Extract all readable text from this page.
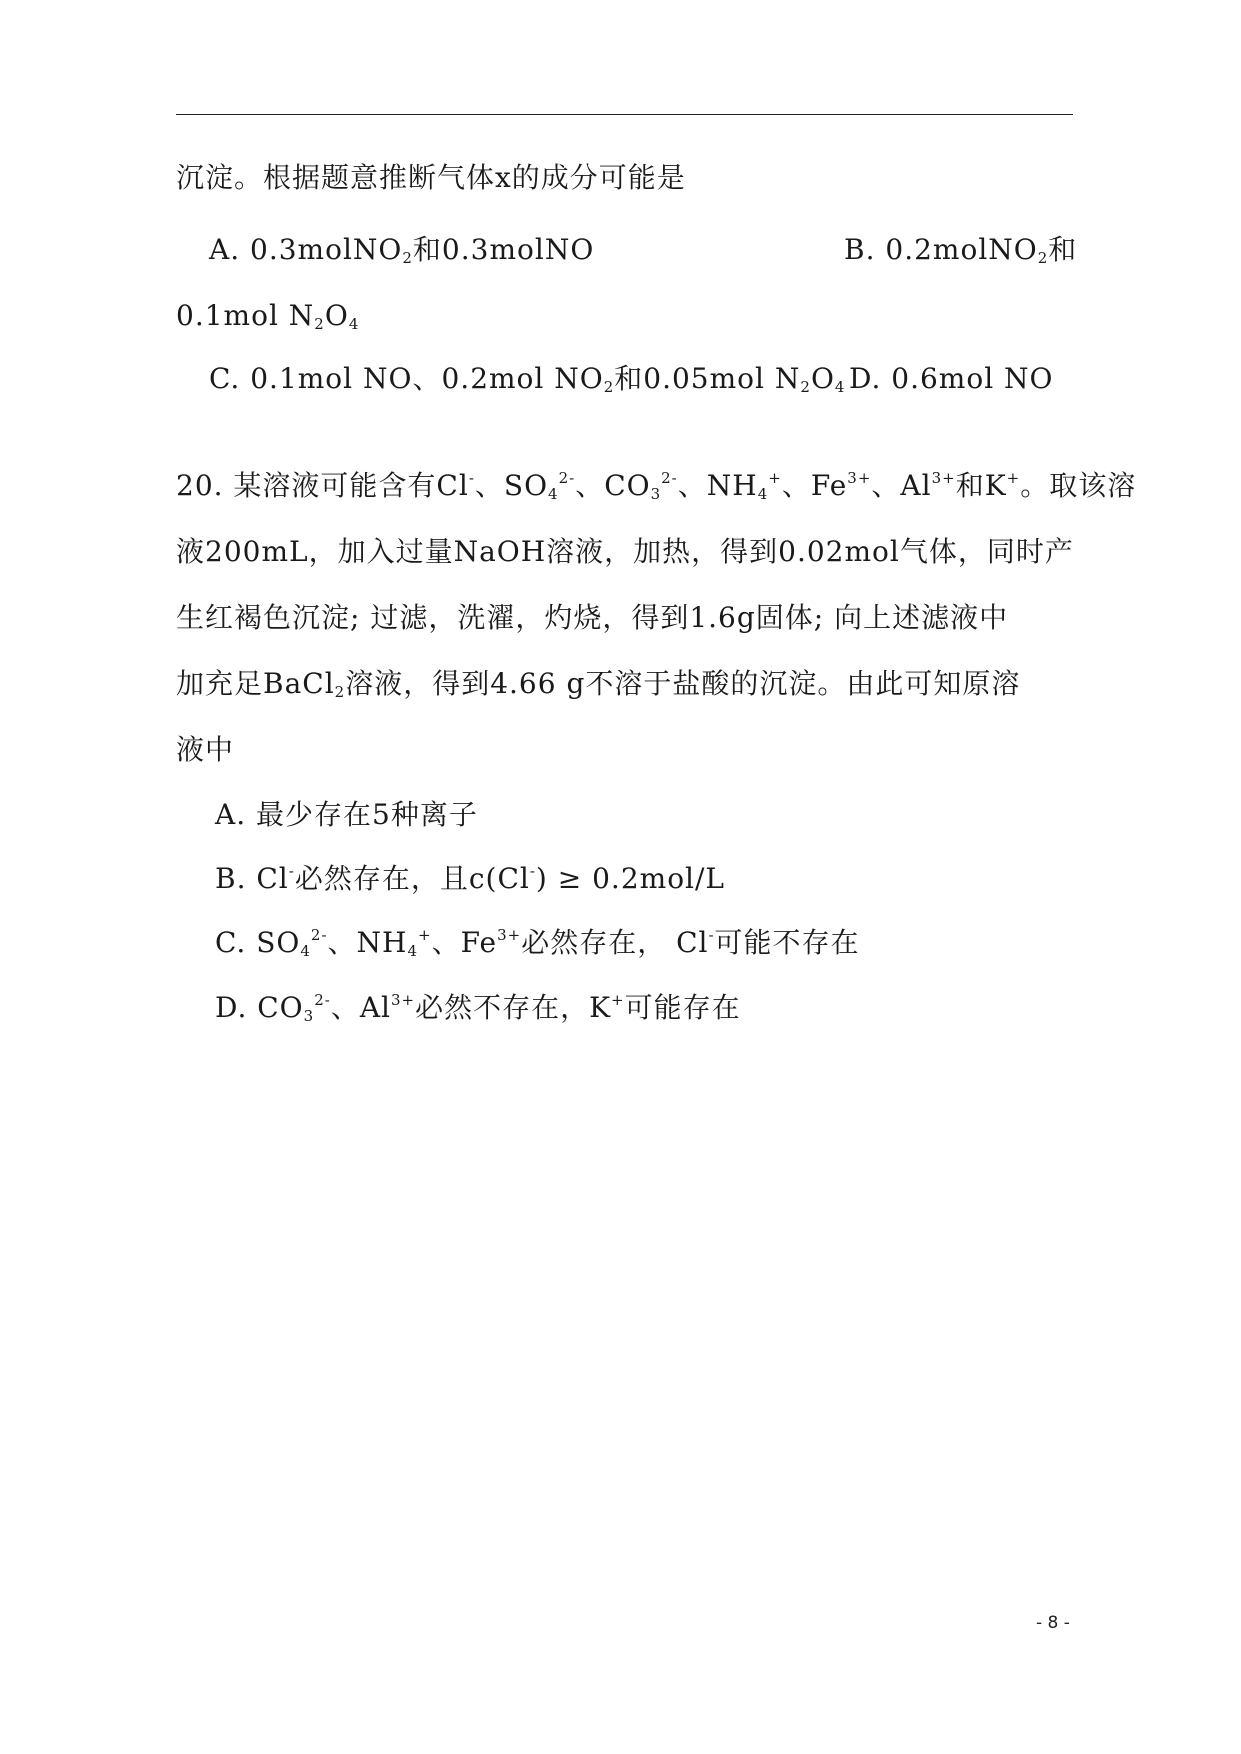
沉淀。根据题意推断气体x的成分可能是
A. 0.3molNO$_2$和0.3molNO	B. 0.2molNO$_2$和
0.1mol $N_2O_4$
C. 0.1mol NO、0.2mol $NO_2$和0.05mol $N_2O_4$ D. 0.6mol NO
20. 某溶液可能含有Cl-、$SO_4^{2-}$、$CO_3^{2-}$、$NH_4^+$、$Fe^{3+}$、$Al^{3+}$和K+。取该溶
液200mL，加入过量NaOH溶液，加热，得到0.02mol气体，同时产
生红褐色沉淀; 过滤，洗濯，灼烧，得到1.6g固体; 向上述滤液中
加充足BaCl$_2$溶液，得到4.66 g不溶于盐酸的沉淀。由此可知原溶
液中
A. 最少存在5种离子
B. Cl-必然存在，且c(Cl-) ≥ 0.2mol/L
C. $SO_4^{2-}$、$NH_4^+$、$Fe^{3+}$必然存在， Cl-可能不存在
D. $CO_3^{2-}$、$Al^{3+}$必然不存在，K+可能存在
- 8 -
